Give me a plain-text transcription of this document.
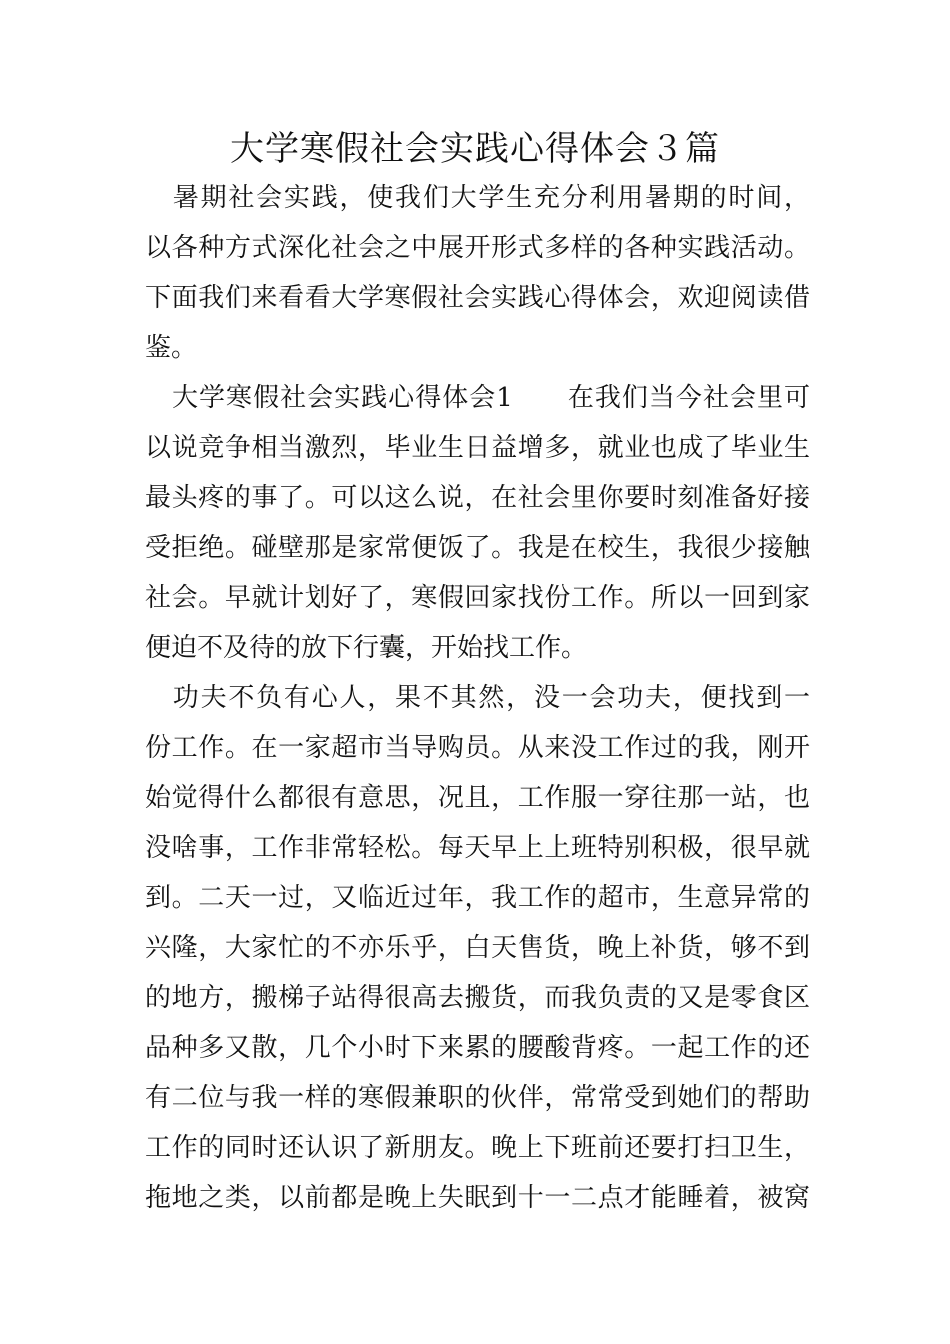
大学寒假社会实践心得体会３篇
　暑期社会实践，使我们大学生充分利用暑期的时间，
以各种方式深化社会之中展开形式多样的各种实践活动。
下面我们来看看大学寒假社会实践心得体会，欢迎阅读借
鉴。
　大学寒假社会实践心得体会1　　在我们当今社会里可
以说竞争相当激烈，毕业生日益增多，就业也成了毕业生
最头疼的事了。可以这么说，在社会里你要时刻准备好接
受拒绝。碰壁那是家常便饭了。我是在校生，我很少接触
社会。早就计划好了，寒假回家找份工作。所以一回到家
便迫不及待的放下行囊，开始找工作。
　功夫不负有心人，果不其然，没一会功夫，便找到一
份工作。在一家超市当导购员。从来没工作过的我，刚开
始觉得什么都很有意思，况且，工作服一穿往那一站，也
没啥事，工作非常轻松。每天早上上班特别积极，很早就
到。二天一过，又临近过年，我工作的超市，生意异常的
兴隆，大家忙的不亦乐乎，白天售货，晚上补货，够不到
的地方，搬梯子站得很高去搬货，而我负责的又是零食区
品种多又散，几个小时下来累的腰酸背疼。一起工作的还
有二位与我一样的寒假兼职的伙伴，常常受到她们的帮助
工作的同时还认识了新朋友。晚上下班前还要打扫卫生，
拖地之类，以前都是晚上失眠到十一二点才能睡着，被窝
